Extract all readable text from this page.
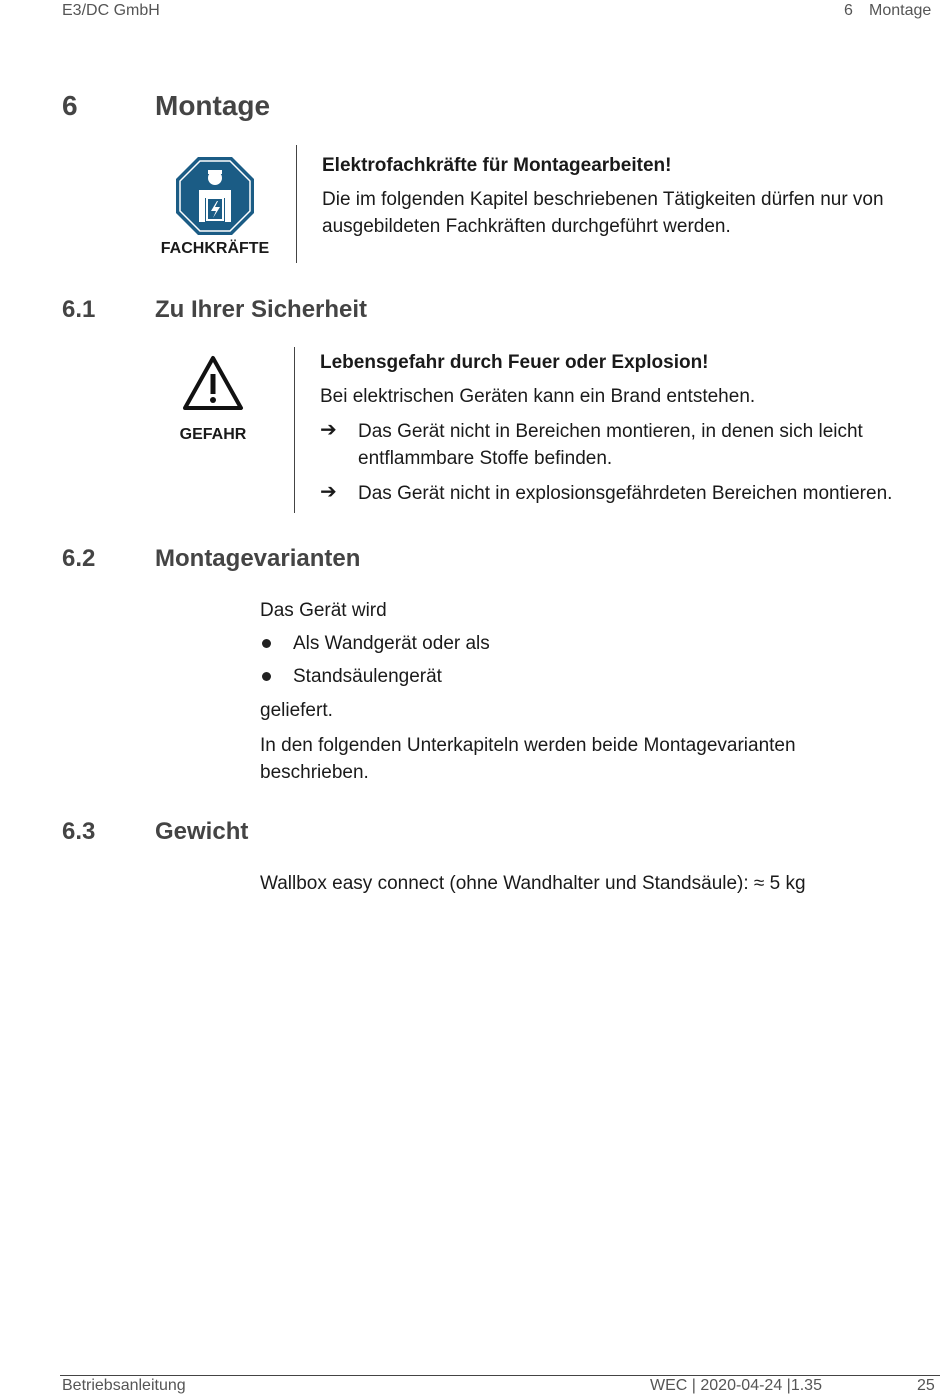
E3/DC GmbH	6 Montage
6	Montage
FACHKRÄFTE
Elektrofachkräfte für Montagearbeiten!
Die im folgenden Kapitel beschriebenen Tätigkeiten dürfen nur von
ausgebildeten Fachkräften durchgeführt werden.
6.1 Zu Ihrer Sicherheit
GEFAHR
Lebensgefahr durch Feuer oder Explosion!
Bei elektrischen Geräten kann ein Brand entstehen.
➔ Das Gerät nicht in Bereichen montieren, in denen sich leicht
entflammbare Stoffe befinden.
➔ Das Gerät nicht in explosionsgefährdeten Bereichen montieren.
6.2 Montagevarianten
Das Gerät wird
Als Wandgerät oder als
Standsäulengerät
geliefert.
In den folgenden Unterkapiteln werden beide Montagevarianten
beschrieben.
6.3 Gewicht
Wallbox easy connect (ohne Wandhalter und Standsäule): ≈ 5 kg
Betriebsanleitung	WEC | 2020-04-24 |1.35	25
